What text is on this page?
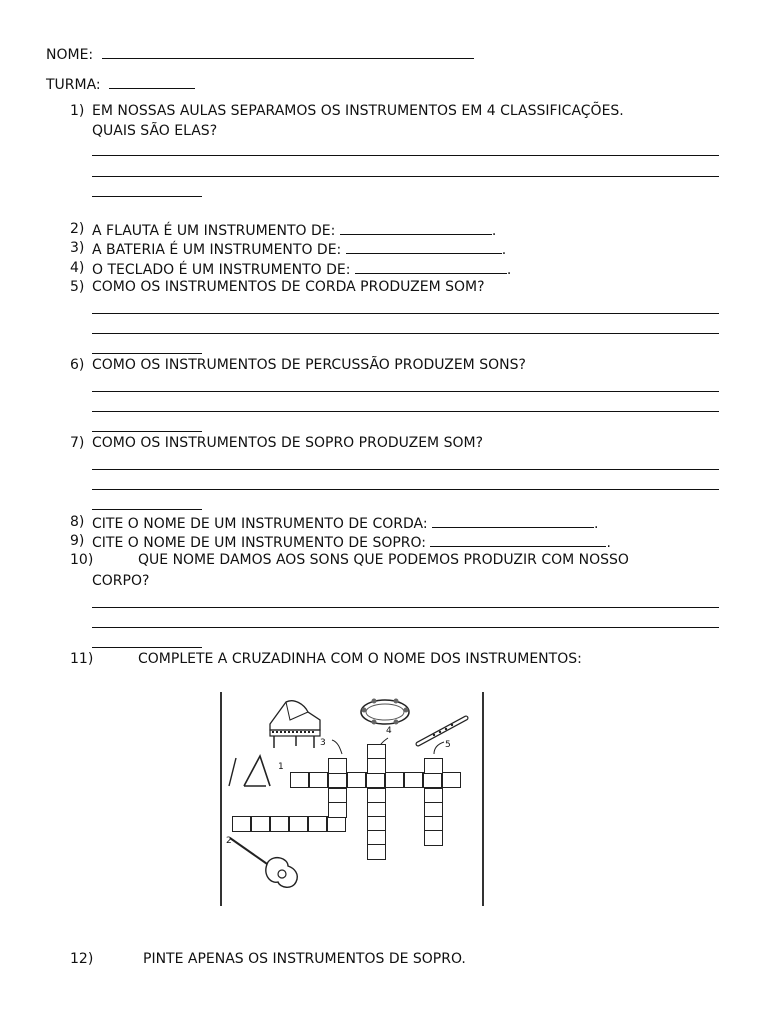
NOME:
TURMA:
1) EM NOSSAS AULAS SEPARAMOS OS INSTRUMENTOS EM 4 CLASSIFICAÇÕES.
QUAIS SÃO ELAS?
2) A FLAUTA É UM INSTRUMENTO DE:	.
3) A BATERIA É UM INSTRUMENTO DE:	.
4) O TECLADO É UM INSTRUMENTO DE:	.
5) COMO OS INSTRUMENTOS DE CORDA PRODUZEM SOM?
6) COMO OS INSTRUMENTOS DE PERCUSSÃO PRODUZEM SONS?
7) COMO OS INSTRUMENTOS DE SOPRO PRODUZEM SOM?
8) CITE O NOME DE UM INSTRUMENTO DE CORDA:	.
9) CITE O NOME DE UM INSTRUMENTO DE SOPRO:	.
10)	QUE NOME DAMOS AOS SONS QUE PODEMOS PRODUZIR COM NOSSO
CORPO?
11)	COMPLETE A CRUZADINHA COM O NOME DOS INSTRUMENTOS:
1
2
3
4
5
12)	PINTE APENAS OS INSTRUMENTOS DE SOPRO.
